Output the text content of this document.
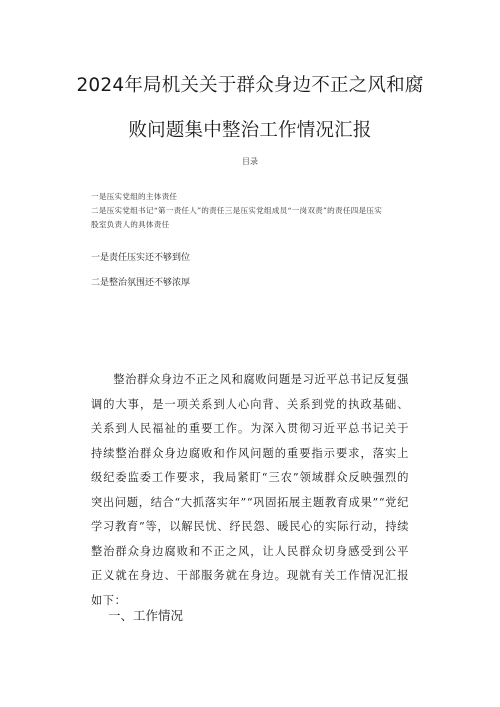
2024年局机关关于群众身边不正之风和腐
败问题集中整治工作情况汇报
目录
一是压实党组的主体责任
二是压实党组书记“第一责任人”的责任三是压实党组成员“一岗双责”的责任四是压实
股室负责人的具体责任
一是责任压实还不够到位
二是整治氛围还不够浓厚

整治群众身边不正之风和腐败问题是习近平总书记反复强调的大事，是一项关系到人心向背、关系到党的执政基础、关系到人民福祉的重要工作。为深入贯彻习近平总书记关于持续整治群众身边腐败和作风问题的重要指示要求，落实上级纪委监委工作要求，我局紧盯“三农”领域群众反映强烈的突出问题，结合“大抓落实年”“巩固拓展主题教育成果”“党纪学习教育”等，以解民忧、纾民怨、暖民心的实际行动，持续整治群众身边腐败和不正之风，让人民群众切身感受到公平正义就在身边、干部服务就在身边。现就有关工作情况汇报如下：

一、工作情况
